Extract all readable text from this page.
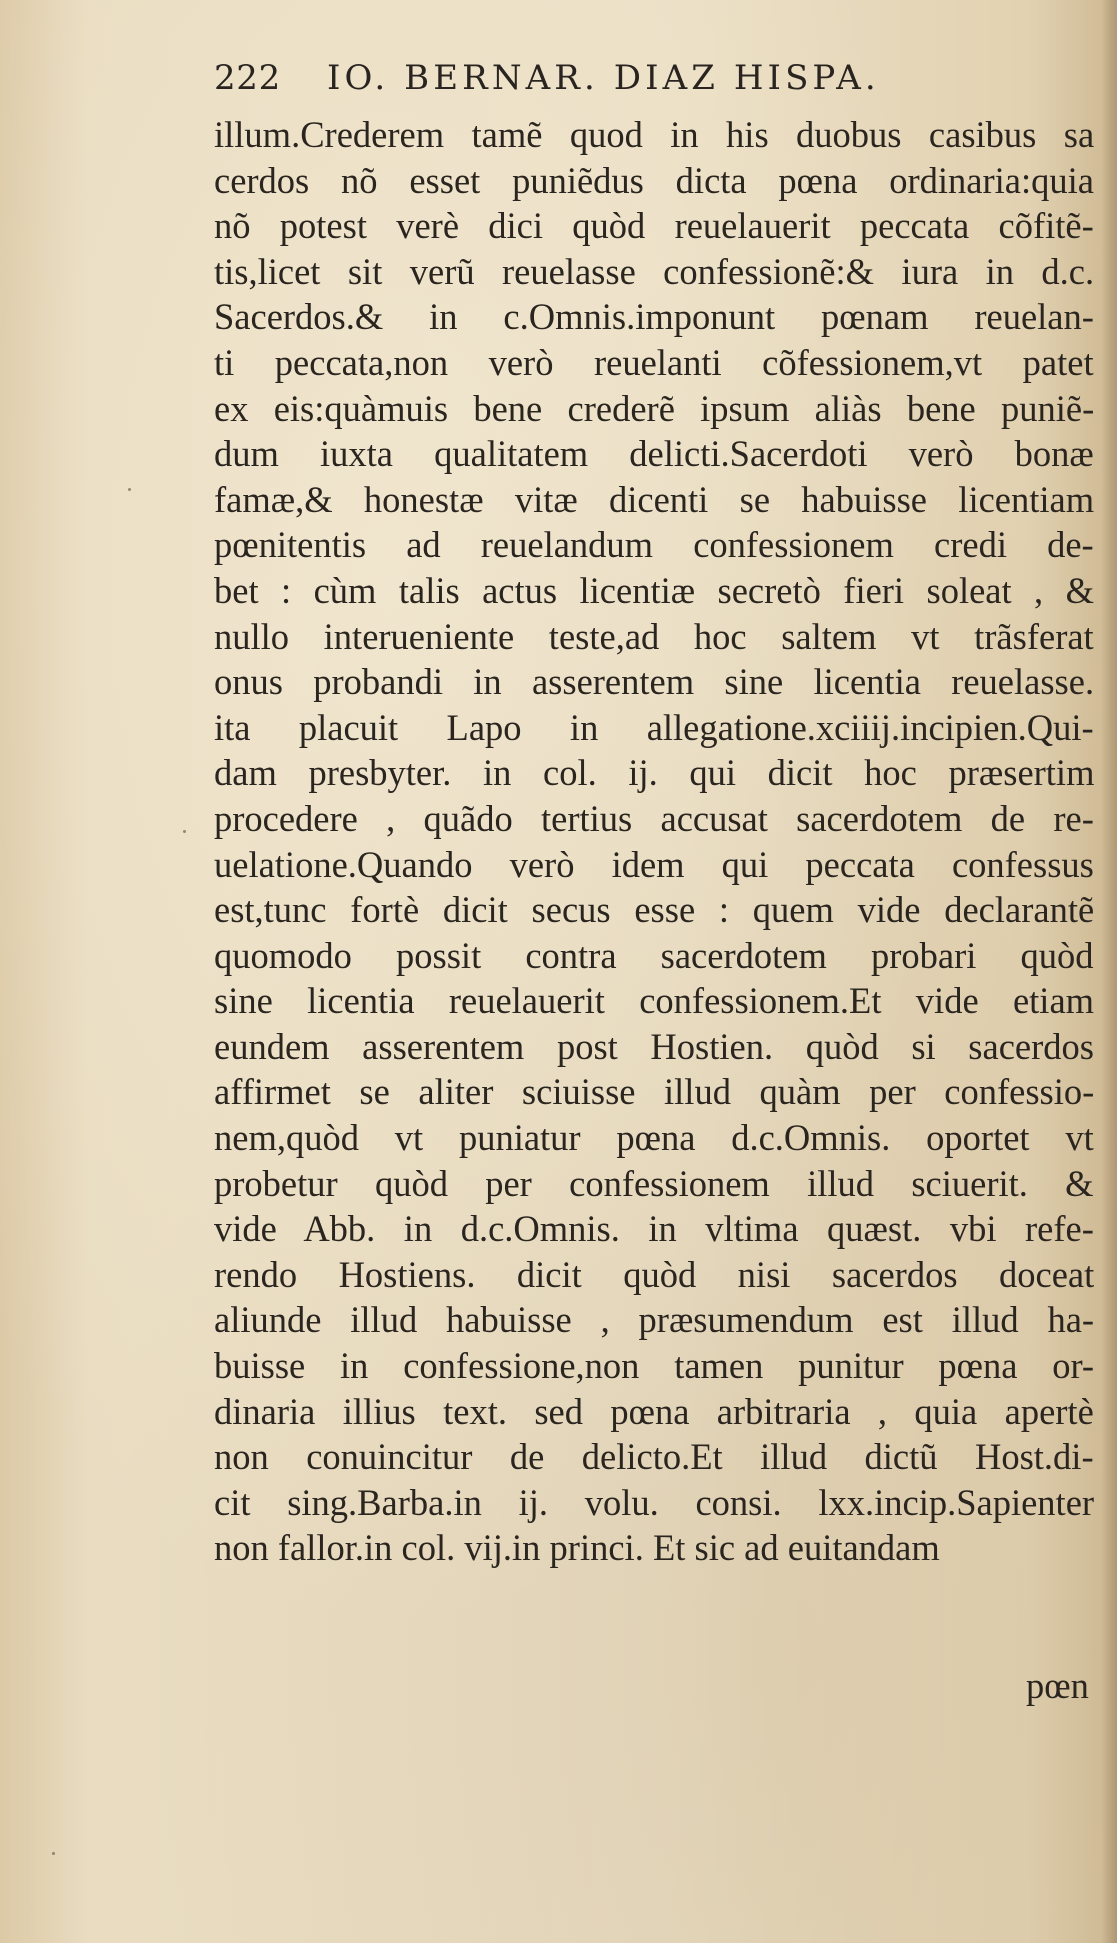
222 IO. BERNAR. DIAZ HISPA.
illum.Crederem tamẽ quod in his duobus casibus sa
cerdos nõ esset puniẽdus dicta pœna ordinaria:quia
nõ potest verè dici quòd reuelauerit peccata cõfitẽ-
tis,licet sit verũ reuelasse confessionẽ:& iura in d.c.
Sacerdos.& in c.Omnis.imponunt pœnam reuelan-
ti peccata,non verò reuelanti cõfessionem,vt patet
ex eis:quàmuis bene crederẽ ipsum aliàs bene puniẽ-
dum iuxta qualitatem delicti.Sacerdoti verò bonæ
famæ,& honestæ vitæ dicenti se habuisse licentiam
pœnitentis ad reuelandum confessionem credi de-
bet : cùm talis actus licentiæ secretò fieri soleat , &
nullo interueniente teste,ad hoc saltem vt trãsferat
onus probandi in asserentem sine licentia reuelasse.
ita placuit Lapo in allegatione.xciiij.incipien.Qui-
dam presbyter. in col. ij. qui dicit hoc præsertim
procedere , quãdo tertius accusat sacerdotem de re-
uelatione.Quando verò idem qui peccata confessus
est,tunc fortè dicit secus esse : quem vide declarantẽ
quomodo possit contra sacerdotem probari quòd
sine licentia reuelauerit confessionem.Et vide etiam
eundem asserentem post Hostien. quòd si sacerdos
affirmet se aliter sciuisse illud quàm per confessio-
nem,quòd vt puniatur pœna d.c.Omnis. oportet vt
probetur quòd per confessionem illud sciuerit. &
vide Abb. in d.c.Omnis. in vltima quæst. vbi refe-
rendo Hostiens. dicit quòd nisi sacerdos doceat
aliunde illud habuisse , præsumendum est illud ha-
buisse in confessione,non tamen punitur pœna or-
dinaria illius text. sed pœna arbitraria , quia apertè
non conuincitur de delicto.Et illud dictũ Host.di-
cit sing.Barba.in ij. volu. consi. lxx.incip.Sapienter
non fallor.in col. vij.in princi. Et sic ad euitandam
pœn
